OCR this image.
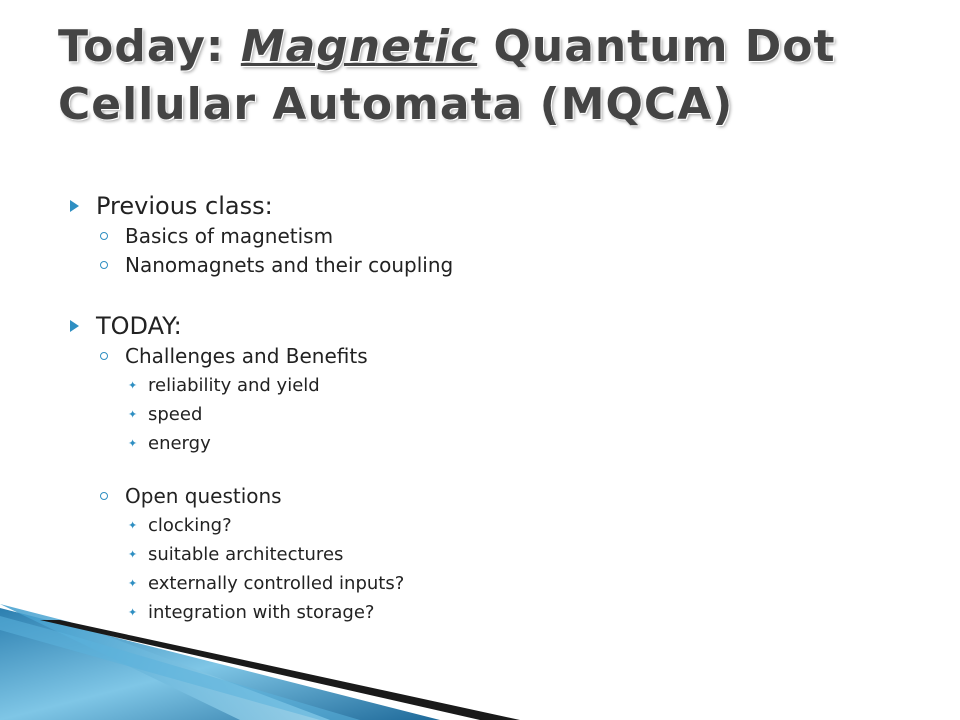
Today: Magnetic Quantum Dot
Cellular Automata (MQCA)
Previous class:
Basics of magnetism
Nanomagnets and their coupling
TODAY:
Challenges and Benefits
✦ reliability and yield
✦ speed
✦ energy
Open questions
✦ clocking?
✦ suitable architectures
✦ externally controlled inputs?
✦ integration with storage?
